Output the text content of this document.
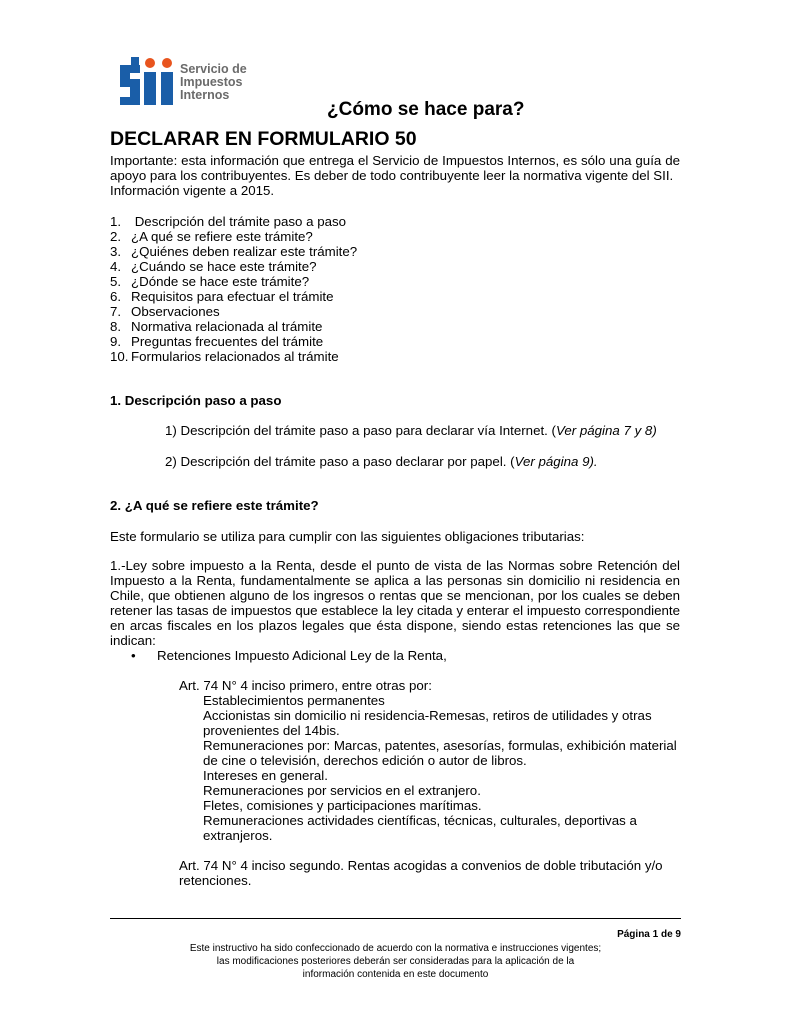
Servicio de
Impuestos
Internos
¿Cómo se hace para?
DECLARAR EN FORMULARIO 50

Importante: esta información que entrega el Servicio de Impuestos Internos, es sólo una guía de apoyo para los contribuyentes. Es deber de todo contribuyente leer la normativa vigente del SII.

Información vigente a 2015.

1. Descripción del trámite paso a paso
2. ¿A qué se refiere este trámite?
3. ¿Quiénes deben realizar este trámite?
4. ¿Cuándo se hace este trámite?
5. ¿Dónde se hace este trámite?
6. Requisitos para efectuar el trámite
7. Observaciones
8. Normativa relacionada al trámite
9. Preguntas frecuentes del trámite
10. Formularios relacionados al trámite
1. Descripción paso a paso
1) Descripción del trámite paso a paso para declarar vía Internet. (Ver página 7 y 8)
2) Descripción del trámite paso a paso declarar por papel. (Ver página 9).
2. ¿A qué se refiere este trámite?
Este formulario se utiliza para cumplir con las siguientes obligaciones tributarias:
1.-Ley sobre impuesto a la Renta, desde el punto de vista de las Normas sobre Retención del Impuesto a la Renta, fundamentalmente se aplica a las personas sin domicilio ni residencia en Chile, que obtienen alguno de los ingresos o rentas que se mencionan, por los cuales se deben retener las tasas de impuestos que establece la ley citada y enterar el impuesto correspondiente en arcas fiscales en los plazos legales que ésta dispone, siendo estas retenciones las que se indican:
•	Retenciones Impuesto Adicional Ley de la Renta,
Art. 74 N° 4 inciso primero, entre otras por:
Establecimientos permanentes
Accionistas sin domicilio ni residencia-Remesas, retiros de utilidades y otras provenientes del 14bis.
Remuneraciones por: Marcas, patentes, asesorías, formulas, exhibición material de cine o televisión, derechos edición o autor de libros.
Intereses en general.
Remuneraciones por servicios en el extranjero.
Fletes, comisiones y participaciones marítimas.
Remuneraciones actividades científicas, técnicas, culturales, deportivas a extranjeros.
Art. 74 N° 4 inciso segundo. Rentas acogidas a convenios de doble tributación y/o retenciones.
Página 1 de 9
Este instructivo ha sido confeccionado de acuerdo con la normativa e instrucciones vigentes;
las modificaciones posteriores deberán ser consideradas para la aplicación de la
información contenida en este documento
